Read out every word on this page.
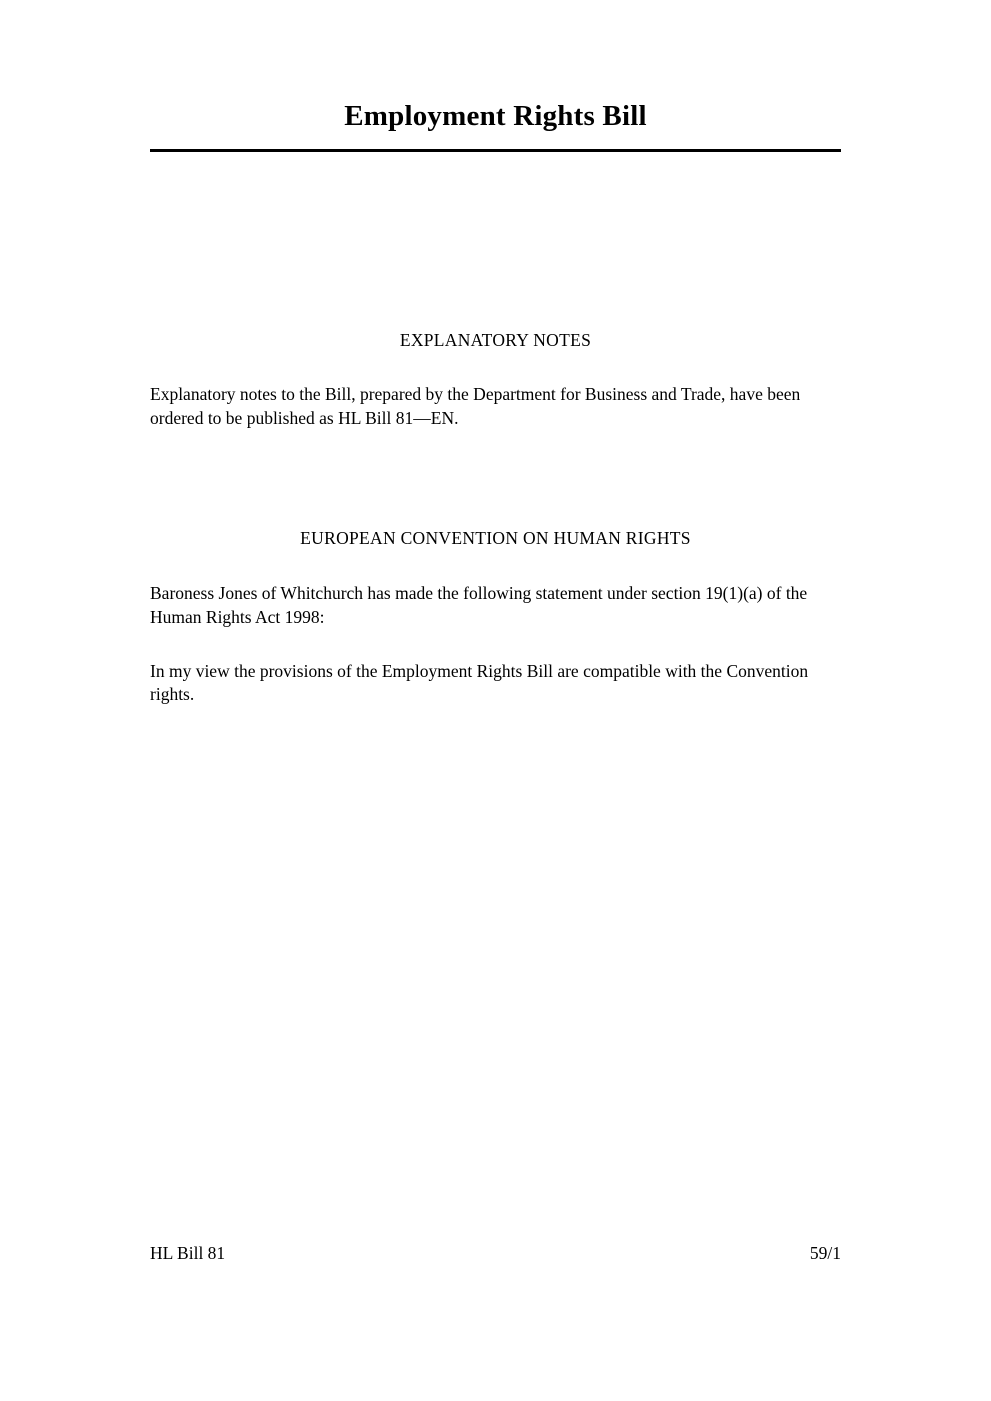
Employment Rights Bill
EXPLANATORY NOTES

Explanatory notes to the Bill, prepared by the Department for Business and Trade, have been ordered to be published as HL Bill 81—EN.

EUROPEAN CONVENTION ON HUMAN RIGHTS

Baroness Jones of Whitchurch has made the following statement under section 19(1)(a) of the Human Rights Act 1998:

In my view the provisions of the Employment Rights Bill are compatible with the Convention rights.

HL Bill 81	59/1
